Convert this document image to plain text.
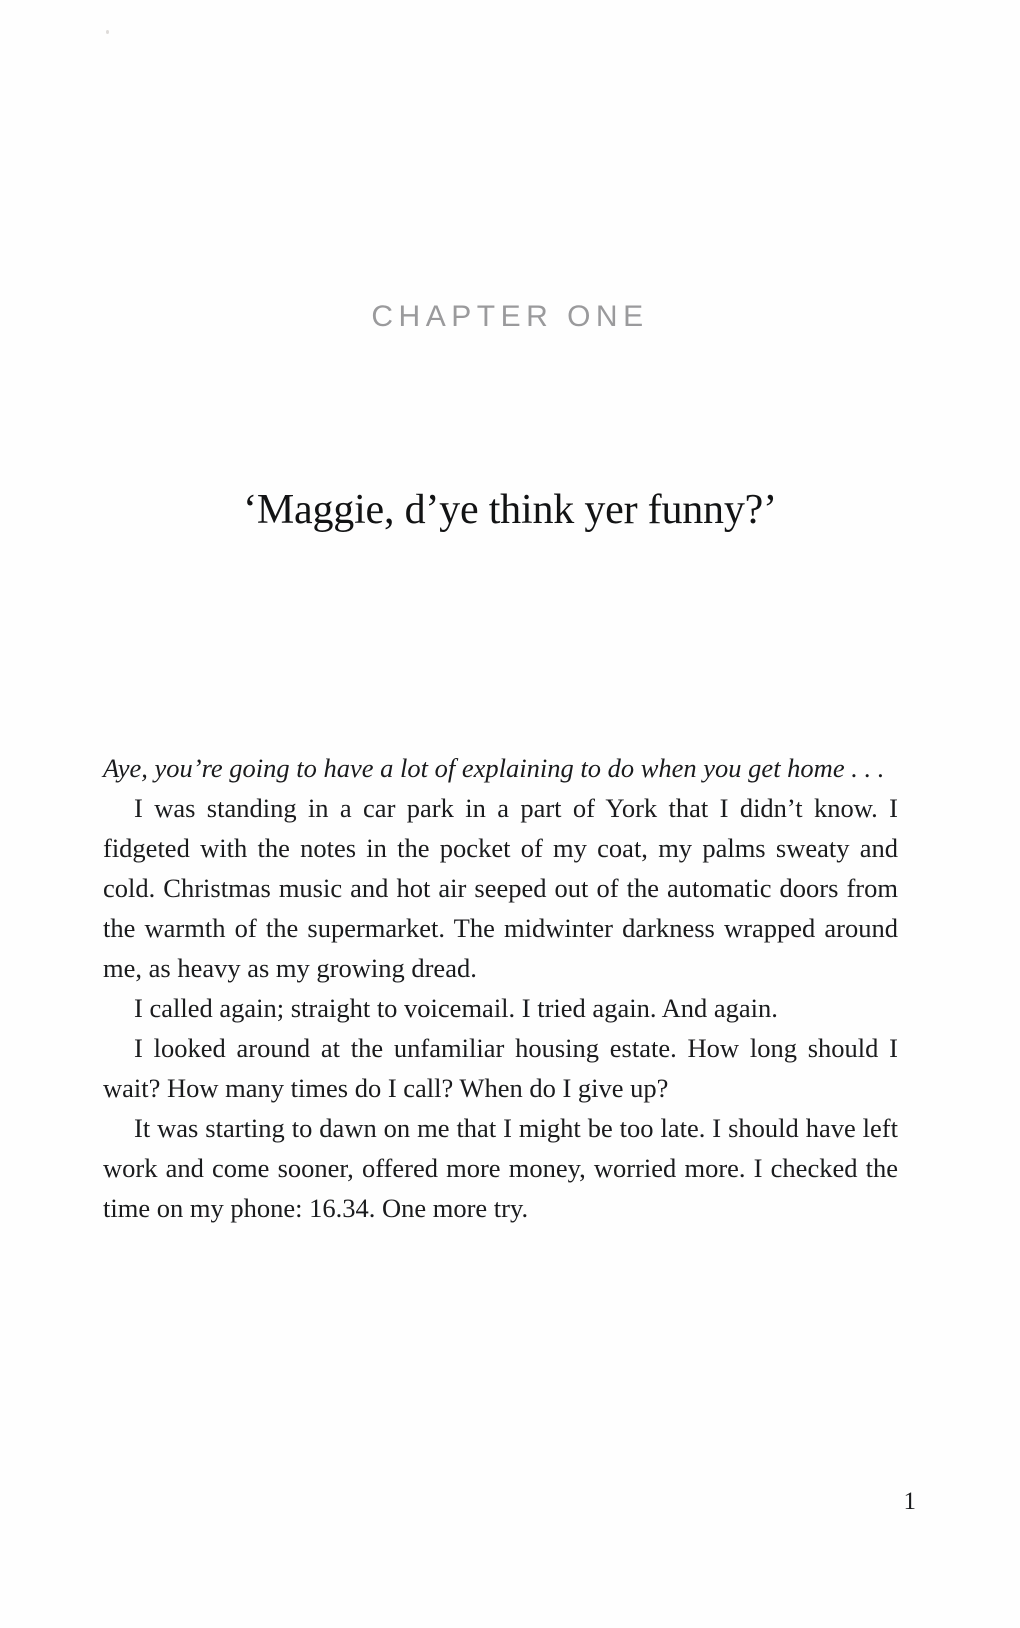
CHAPTER ONE
‘Maggie, d’ye think yer funny?’

Aye, you’re going to have a lot of explaining to do when you get home . . .

I was standing in a car park in a part of York that I didn’t know. I fidgeted with the notes in the pocket of my coat, my palms sweaty and cold. Christmas music and hot air seeped out of the automatic doors from the warmth of the supermarket. The midwinter darkness wrapped around me, as heavy as my growing dread.

I called again; straight to voicemail. I tried again. And again.

I looked around at the unfamiliar housing estate. How long should I wait? How many times do I call? When do I give up?

It was starting to dawn on me that I might be too late. I should have left work and come sooner, offered more money, worried more. I checked the time on my phone: 16.34. One more try.

1
